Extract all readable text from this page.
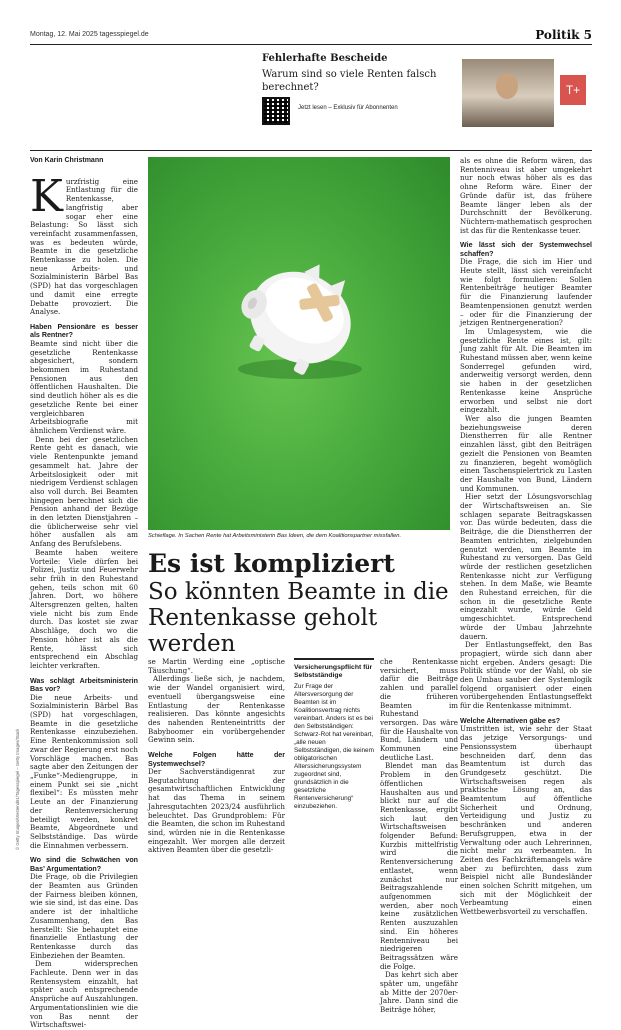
Montag, 12. Mai 2025 tagesspiegel.de	Politik 5
Fehlerhafte Bescheide
Warum sind so viele Renten falsch berechnet?
Jetzt lesen – Exklusiv für Abonnenten
T+
Von Karin Christmann

Kurzfristig eine Entlastung für die Rentenkasse, langfristig aber sogar eher eine Belastung: So lässt sich vereinfacht zusammenfassen, was es bedeuten würde, Beamte in die gesetzliche Rentenkasse zu holen. Die neue Arbeits- und Sozialministerin Bärbel Bas (SPD) hat das vorgeschlagen und damit eine erregte Debatte provoziert. Die Analyse.

Haben Pensionäre es besser als Rentner?

Beamte sind nicht über die gesetzliche Rentenkasse abgesichert, sondern bekommen im Ruhestand Pensionen aus den öffentlichen Haushalten. Die sind deutlich höher als es die gesetzliche Rente bei einer vergleichbaren Arbeitsbiografie mit ähnlichem Verdienst wäre.

Denn bei der gesetzlichen Rente geht es danach, wie viele Rentenpunkte jemand gesammelt hat. Jahre der Arbeitslosigkeit oder mit niedrigem Verdienst schlagen also voll durch. Bei Beamten hingegen berechnet sich die Pension anhand der Bezüge in den letzten Dienstjahren – die üblicherweise sehr viel höher ausfallen als am Anfang des Berufslebens.

Beamte haben weitere Vorteile: Viele dürfen bei Polizei, Justiz und Feuerwehr sehr früh in den Ruhestand gehen, teils schon mit 60 Jahren. Dort, wo höhere Altersgrenzen gelten, halten viele nicht bis zum Ende durch. Das kostet sie zwar Abschläge, doch wo die Pension höher ist als die Rente, lässt sich entsprechend ein Abschlag leichter verkraften.

Was schlägt Arbeitsministerin Bas vor?

Die neue Arbeits- und Sozialministerin Bärbel Bas (SPD) hat vorgeschlagen, Beamte in die gesetzliche Rentenkasse einzubeziehen. Eine Rentenkommission soll zwar der Regierung erst noch Vorschläge machen. Bas sagte aber den Zeitungen der „Funke“-Mediengruppe, in einem Punkt sei sie „nicht flexibel“: Es müssten mehr Leute an der Finanzierung der Rentenversicherung beteiligt werden, konkret Beamte, Abgeordnete und Selbstständige. Das würde die Einnahmen verbessern.

Wo sind die Schwächen von Bas’ Argumentation?

Die Frage, ob die Privilegien der Beamten aus Gründen der Fairness bleiben können, wie sie sind, ist das eine. Das andere ist der inhaltliche Zusammenhang, den Bas herstellt: Sie behauptet eine finanzielle Entlastung der Rentenkasse durch das Einbeziehen der Beamten.

Dem widersprechen Fachleute. Denn wer in das Rentensystem einzahlt, hat später auch entsprechende Ansprüche auf Auszahlungen. Argumentationslinien wie die von Bas nennt der Wirtschaftswei-

Schieflage. In Sachen Rente hat Arbeitsministerin Bas Ideen, die dem Koalitionspartner missfallen.
Es ist kompliziert
So könnten Beamte in die Rentenkasse geholt werden

se Martin Werding eine „optische Täuschung“.

Allerdings ließe sich, je nachdem, wie der Wandel organisiert wird, eventuell übergangsweise eine Entlastung der Rentenkasse realisieren. Das könnte angesichts des nahenden Renteneintritts der Babyboomer ein vorübergehender Gewinn sein.

Welche Folgen hätte der Systemwechsel?

Der Sachverständigenrat zur Begutachtung der gesamtwirtschaftlichen Entwicklung hat das Thema in seinem Jahresgutachten 2023/24 ausführlich beleuchtet. Das Grundproblem: Für die Beamten, die schon im Ruhestand sind, würden nie in die Rentenkasse eingezahlt. Wer morgen alle derzeit aktiven Beamten über die gesetzli-

Versicherungspflicht für Selbstständige
Zur Frage der Altersversorgung der Beamten ist im Koalitionsvertrag nichts vereinbart. Anders ist es bei den Selbstständigen: Schwarz-Rot hat vereinbart, „alle neuen Selbstständigen, die keinem obligatorischen Alterssicherungssystem zugeordnet sind, grundsätzlich in die gesetzliche Rentenversicherung“ einzubeziehen.

che Rentenkasse versichert, muss dafür die Beiträge zahlen und parallel die früheren Beamten im Ruhestand versorgen. Das wäre für die Haushalte von Bund, Ländern und Kommunen eine deutliche Last.

Blendet man das Problem in den öffentlichen Haushalten aus und blickt nur auf die Rentenkasse, ergibt sich laut den Wirtschaftsweisen folgender Befund: Kurzbis mittelfristig wird die Rentenversicherung entlastet, wenn zunächst nur Beitragszahlende aufgenommen werden, aber noch keine zusätzlichen Renten auszuzahlen sind. Ein höheres Rentenniveau bei niedrigeren Beitragssätzen wäre die Folge.

Das kehrt sich aber später um, ungefähr ab Mitte der 2070er-Jahre. Dann sind die Beiträge höher,

als es ohne die Reform wären, das Rentenniveau ist aber umgekehrt nur noch etwas höher als es das ohne Reform wäre. Einer der Gründe dafür ist, das frühere Beamte länger leben als der Durchschnitt der Bevölkerung. Nüchtern-mathematisch gesprochen ist das für die Rentenkasse teuer.

Wie lässt sich der Systemwechsel schaffen?

Die Frage, die sich im Hier und Heute stellt, lässt sich vereinfacht wie folgt formulieren: Sollen Rentenbeiträge heutiger Beamter für die Finanzierung laufender Beamtenpensionen genutzt werden – oder für die Finanzierung der jetzigen Rentnergeneration?

Im Umlagesystem, wie die gesetzliche Rente eines ist, gilt: Jung zahlt für Alt. Die Beamten im Ruhestand müssen aber, wenn keine Sonderregel gefunden wird, anderweitig versorgt werden, denn sie haben in der gesetzlichen Rentenkasse keine Ansprüche erworben und selbst nie dort eingezahlt.

Wer also die jungen Beamten beziehungsweise deren Dienstherren für alle Rentner einzahlen lässt, gibt den Beiträgen gezielt die Pensionen von Beamten zu finanzieren, begeht womöglich einen Taschenspielertrick zu Lasten der Haushalte von Bund, Ländern und Kommunen.

Hier setzt der Lösungsvorschlag der Wirtschaftsweisen an. Sie schlagen separate Beitragskassen vor. Das würde bedeuten, dass die Beiträge, die die Dienstherren der Beamten entrichten, zielgebunden genutzt werden, um Beamte im Ruhestand zu versorgen. Das Geld würde der restlichen gesetzlichen Rentenkasse nicht zur Verfügung stehen. In dem Maße, wie Beamte den Ruhestand erreichen, für die schon in die gesetzliche Rente eingezahlt wurde, würde Geld umgeschichtet. Entsprechend würde der Umbau Jahrzehnte dauern.

Der Entlastungseffekt, den Bas propagiert, würde sich dann aber nicht ergeben. Anders gesagt: Die Politik stünde vor der Wahl, ob sie den Umbau sauber der Systemlogik folgend organisiert oder einen vorübergehenden Entlastungseffekt für die Rentenkasse mitnimmt.

Welche Alternativen gäbe es?

Umstritten ist, wie sehr der Staat das jetzige Versorgungs- und Pensionssystem überhaupt beschneiden darf, denn das Beamtentum ist durch das Grundgesetz geschützt. Die Wirtschaftsweisen regen als praktische Lösung an, das Beamtentum auf öffentliche Sicherheit und Ordnung, Verteidigung und Justiz zu beschränken und anderen Berufsgruppen, etwa in der Verwaltung oder auch Lehrerinnen, nicht mehr zu verbeamten. In Zeiten des Fachkräftemangels wäre aber zu befürchten, dass zum Beispiel nicht alle Bundesländer einen solchen Schritt mitgehen, um sich mit der Möglichkeit der Verbeamtung einen Wettbewerbsvorteil zu verschaffen.

© Getty Images/Westend61/Tagesspiegel – Getty Images/Stock
